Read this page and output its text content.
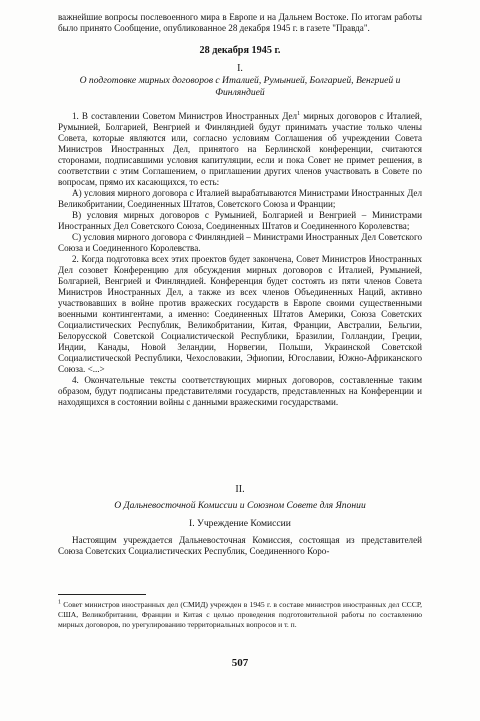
важнейшие вопросы послевоенного мира в Европе и на Дальнем Востоке. По итогам работы было принято Сообщение, опубликованное 28 декабря 1945 г. в газете "Правда".

28 декабря 1945 г.

I.

О подготовке мирных договоров с Италией, Румынией, Болгарией, Венгрией и Финляндией

1. В составлении Советом Министров Иностранных Дел$^1$ мирных договоров с Италией, Румынией, Болгарией, Венгрией и Финляндией будут принимать участие только члены Совета, которые являются или, согласно условиям Соглашения об учреждении Совета Министров Иностранных Дел, принятого на Берлинской конференции, считаются сторонами, подписавшими условия капитуляции, если и пока Совет не примет решения, в соответствии с этим Соглашением, о приглашении других членов участвовать в Совете по вопросам, прямо их касающихся, то есть:

А) условия мирного договора с Италией вырабатываются Министрами Иностранных Дел Великобритании, Соединенных Штатов, Советского Союза и Франции;

В) условия мирных договоров с Румынией, Болгарией и Венгрией – Министрами Иностранных Дел Советского Союза, Соединенных Штатов и Соединенного Королевства;

С) условия мирного договора с Финляндией – Министрами Иностранных Дел Советского Союза и Соединенного Королевства.

2. Когда подготовка всех этих проектов будет закончена, Совет Министров Иностранных Дел созовет Конференцию для обсуждения мирных договоров с Италией, Румынией, Болгарией, Венгрией и Финляндией. Конференция будет состоять из пяти членов Совета Министров Иностранных Дел, а также из всех членов Объединенных Наций, активно участвовавших в войне против вражеских государств в Европе своими существенными военными контингентами, а именно: Соединенных Штатов Америки, Союза Советских Социалистических Республик, Великобритании, Китая, Франции, Австралии, Бельгии, Белорусской Советской Социалистической Республики, Бразилии, Голландии, Греции, Индии, Канады, Новой Зеландии, Норвегии, Польши, Украинской Советской Социалистической Республики, Чехословакии, Эфиопии, Югославии, Южно-Африканского Союза. <...>

4. Окончательные тексты соответствующих мирных договоров, составленные таким образом, будут подписаны представителями государств, представленных на Конференции и находящихся в состоянии войны с данными вражескими государствами.

II.

О Дальневосточной Комиссии и Союзном Совете для Японии

I. Учреждение Комиссии

Настоящим учреждается Дальневосточная Комиссия, состоящая из представителей Союза Советских Социалистических Республик, Соединенного Коро-

$^1$ Совет министров иностранных дел (СМИД) учрежден в 1945 г. в составе министров иностранных дел СССР, США, Великобритании, Франции и Китая с целью проведения подготовительной работы по составлению мирных договоров, по урегулированию территориальных вопросов и т. п.

507
